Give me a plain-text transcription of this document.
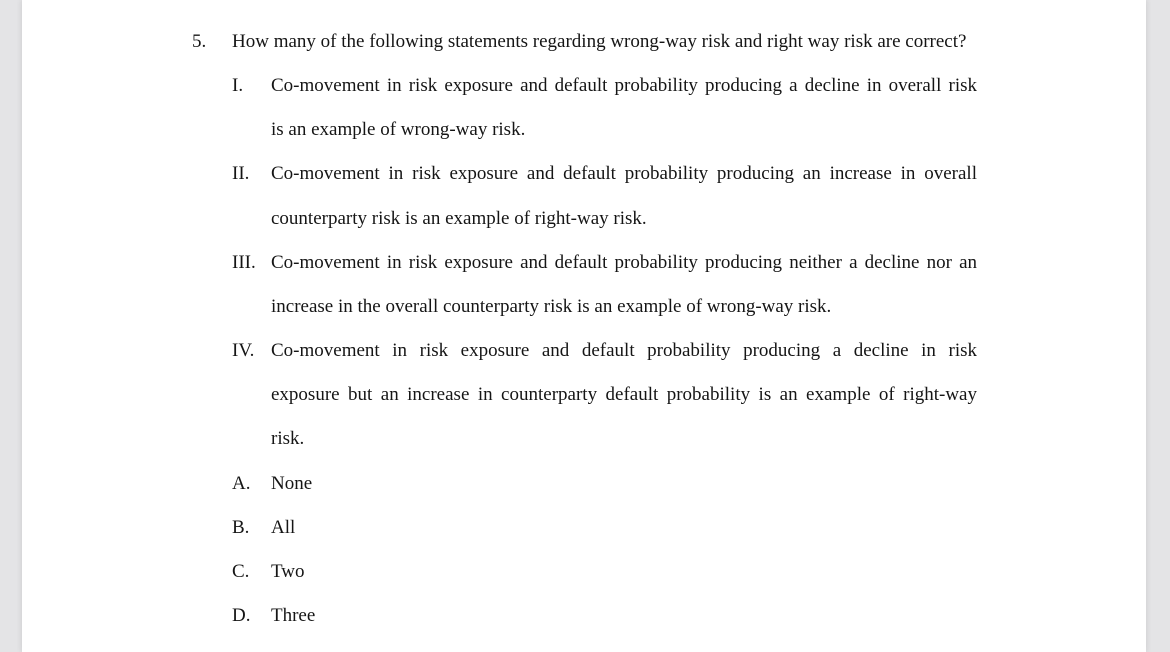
5. How many of the following statements regarding wrong-way risk and right way risk are correct?
I. Co-movement in risk exposure and default probability producing a decline in overall risk
is an example of wrong-way risk.
II. Co-movement in risk exposure and default probability producing an increase in overall
counterparty risk is an example of right-way risk.
III. Co-movement in risk exposure and default probability producing neither a decline nor an
increase in the overall counterparty risk is an example of wrong-way risk.
IV. Co-movement in risk exposure and default probability producing a decline in risk
exposure but an increase in counterparty default probability is an example of right-way
risk.
A. None
B. All
C. Two
D. Three
